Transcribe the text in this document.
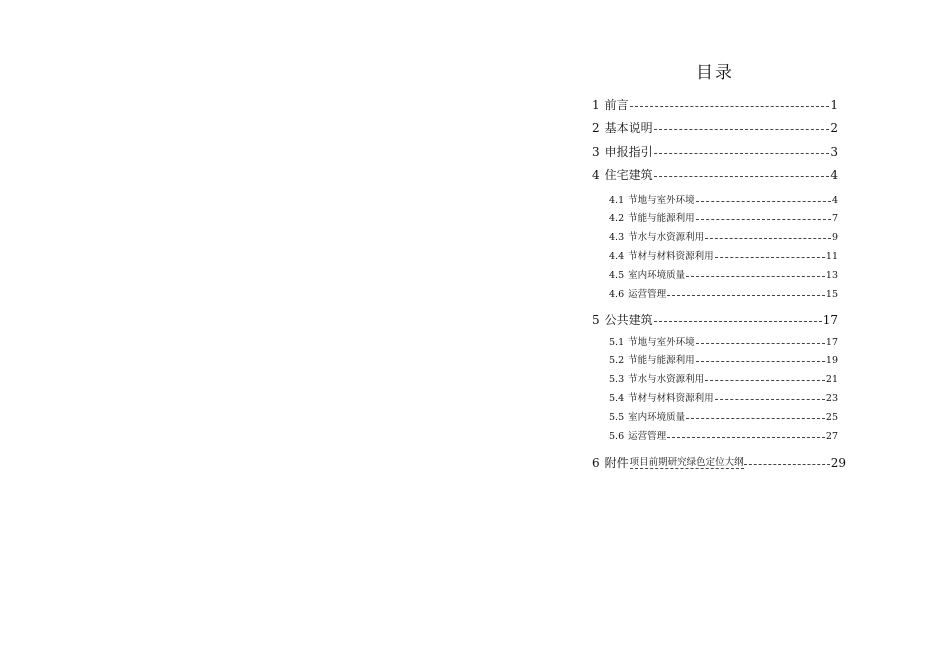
目录
1 前言	1
2 基本说明	2
3 申报指引	3
4 住宅建筑	4
4.1 节地与室外环境	4
4.2 节能与能源利用	7
4.3 节水与水资源利用	9
4.4 节材与材料资源利用	11
4.5 室内环境质量	13
4.6 运营管理	15
5 公共建筑	17
5.1 节地与室外环境	17
5.2 节能与能源利用	19
5.3 节水与水资源利用	21
5.4 节材与材料资源利用	23
5.5 室内环境质量	25
5.6 运营管理	27
6 附件 项目前期研究绿色定位大纲	29
